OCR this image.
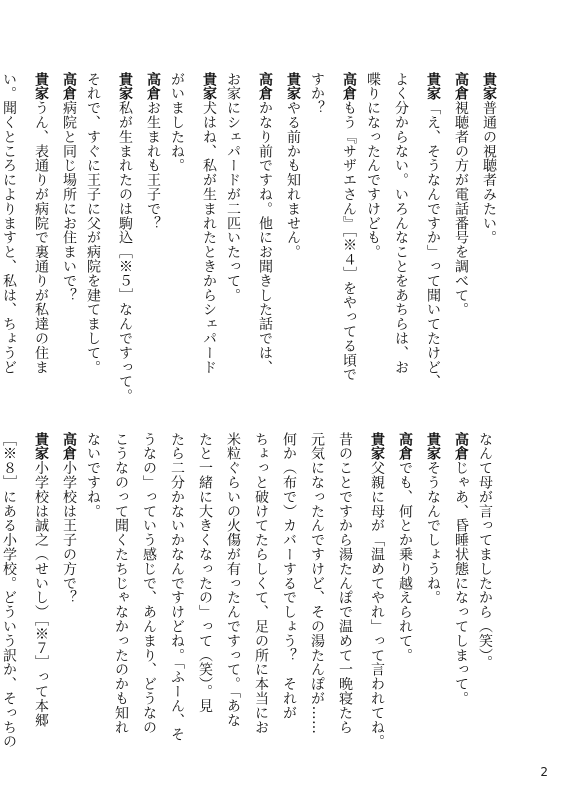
貴家普通の視聴者みたい。
高倉視聴者の方が電話番号を調べて。
貴家「え、そうなんですか」って聞いてたけど、
よく分からない。いろんなことをあちらは、お
喋りになったんですけども。
高倉もう『サザエさん』［※４］をやってる頃で
すか？
貴家やる前かも知れません。
高倉かなり前ですね。他にお聞きした話では、
お家にシェパードが二匹いたって。
貴家犬はね、私が生まれたときからシェパード
がいましたね。
高倉お生まれも王子で？
貴家私が生まれたのは駒込［※５］なんですって。
それで、すぐに王子に父が病院を建てまして。
高倉病院と同じ場所にお住まいで？
貴家うん、表通りが病院で裏通りが私達の住ま
い。聞くところによりますと、私は、ちょうど
なんて母が言ってましたから（笑）。
高倉じゃあ、昏睡状態になってしまって。
貴家そうなんでしょうね。
高倉でも、何とか乗り越えられて。
貴家父親に母が「温めてやれ」って言われてね。
昔のことですから湯たんぽで温めて一晩寝たら
元気になったんですけど、その湯たんぽが……
何か（布で）カバーするでしょう？　それが
ちょっと破けてたらしくて、足の所に本当にお
米粒ぐらいの火傷が有ったんですって。「あな
たと一緒に大きくなったの」って（笑）。見
たら二分かないかなんですけどね。「ふーん、そ
うなの」っていう感じで、あんまり、どうなの
こうなのって聞くたちじゃなかったのかも知れ
ないですね。
高倉小学校は王子の方で？
貴家小学校は誠之（せいし）［※７］って本郷
［※８］にある小学校。どういう訳か、そっちの
2
